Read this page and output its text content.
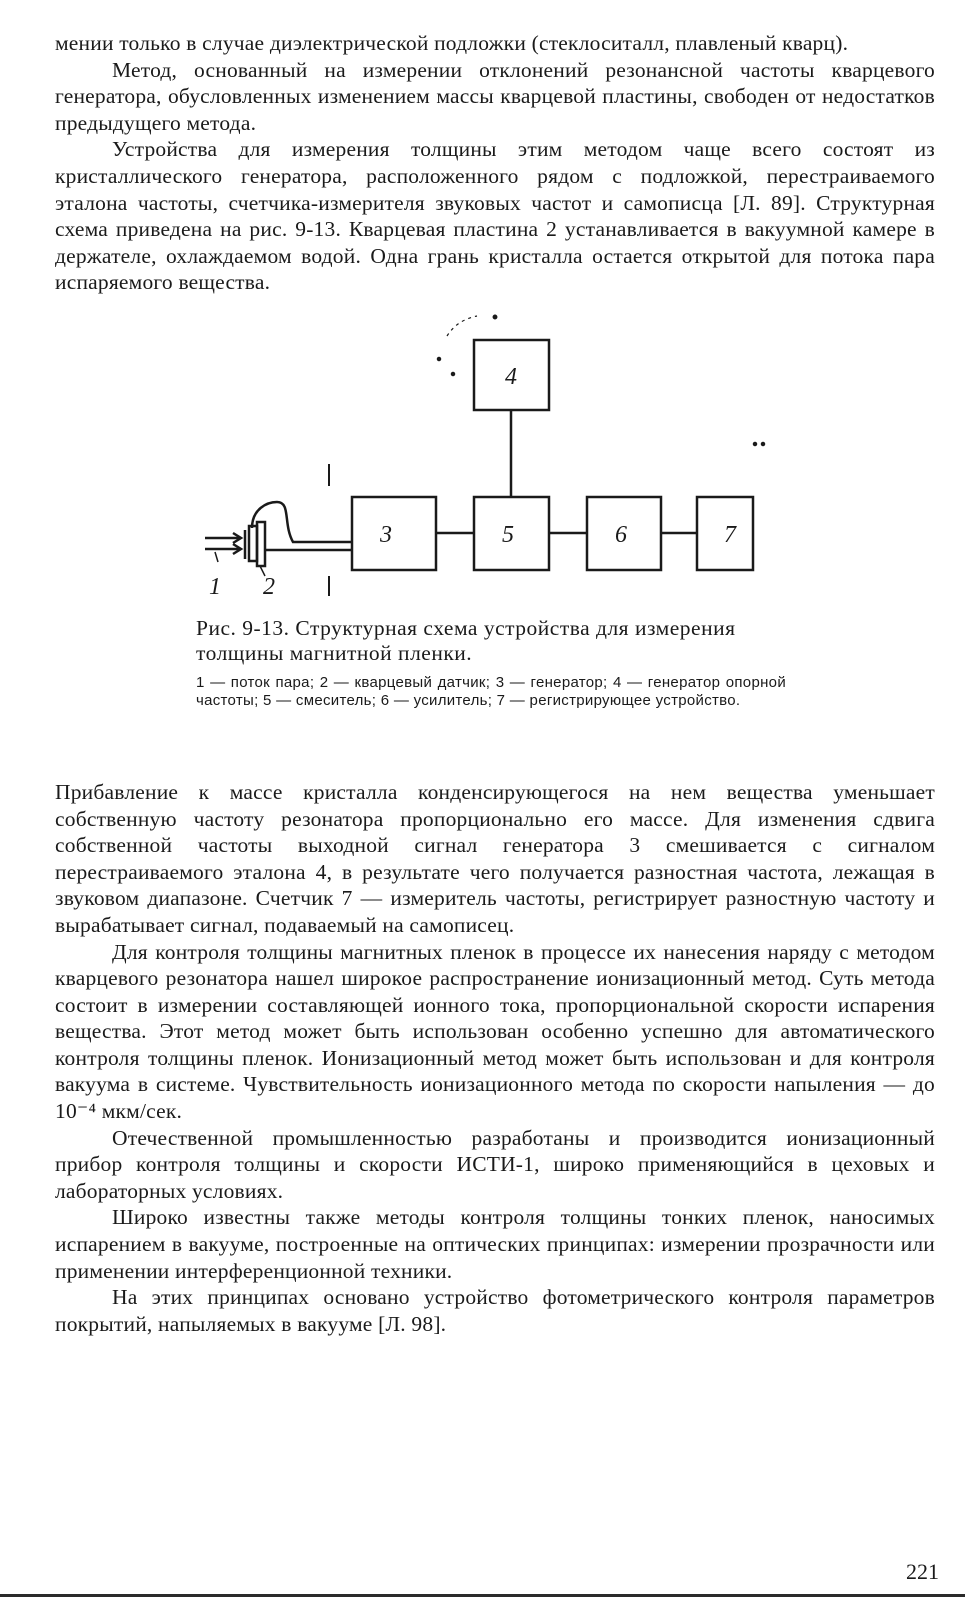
мении только в случае диэлектрической подложки (стеклоситалл, плавленый кварц).

Метод, основанный на измерении отклонений резонансной частоты кварцевого генератора, обусловленных изменением массы кварцевой пластины, свободен от недостатков предыдущего метода.

Устройства для измерения толщины этим методом чаще всего состоят из кристаллического генератора, расположенного рядом с подложкой, перестраиваемого эталона частоты, счетчика-измерителя звуковых частот и самописца [Л. 89]. Структурная схема приведена на рис. 9-13. Кварцевая пластина 2 устанавливается в вакуумной камере в держателе, охлаждаемом водой. Одна грань кристалла остается открытой для потока пара испаряемого вещества.

4
3	5	6	7
1 2

Рис. 9-13. Структурная схема устройства для измерения толщины магнитной пленки.

1 — поток пара; 2 — кварцевый датчик; 3 — генератор; 4 — генератор опорной частоты; 5 — смеситель; 6 — усилитель; 7 — регистрирующее устройство.

Прибавление к массе кристалла конденсирующегося на нем вещества уменьшает собственную частоту резонатора пропорционально его массе. Для изменения сдвига собственной частоты выходной сигнал генератора 3 смешивается с сигналом перестраиваемого эталона 4, в результате чего получается разностная частота, лежащая в звуковом диапазоне. Счетчик 7 — измеритель частоты, регистрирует разностную частоту и вырабатывает сигнал, подаваемый на самописец.

Для контроля толщины магнитных пленок в процессе их нанесения наряду с методом кварцевого резонатора нашел широкое распространение ионизационный метод. Суть метода состоит в измерении составляющей ионного тока, пропорциональной скорости испарения вещества. Этот метод может быть использован особенно успешно для автоматического контроля толщины пленок. Ионизационный метод может быть использован и для контроля вакуума в системе. Чувствительность ионизационного метода по скорости напыления — до 10⁻⁴ мкм/сек.

Отечественной промышленностью разработаны и производится ионизационный прибор контроля толщины и скорости ИСТИ-1, широко применяющийся в цеховых и лабораторных условиях.

Широко известны также методы контроля толщины тонких пленок, наносимых испарением в вакууме, построенные на оптических принципах: измерении прозрачности или применении интерференционной техники.

На этих принципах основано устройство фотометрического контроля параметров покрытий, напыляемых в вакууме [Л. 98].

221
